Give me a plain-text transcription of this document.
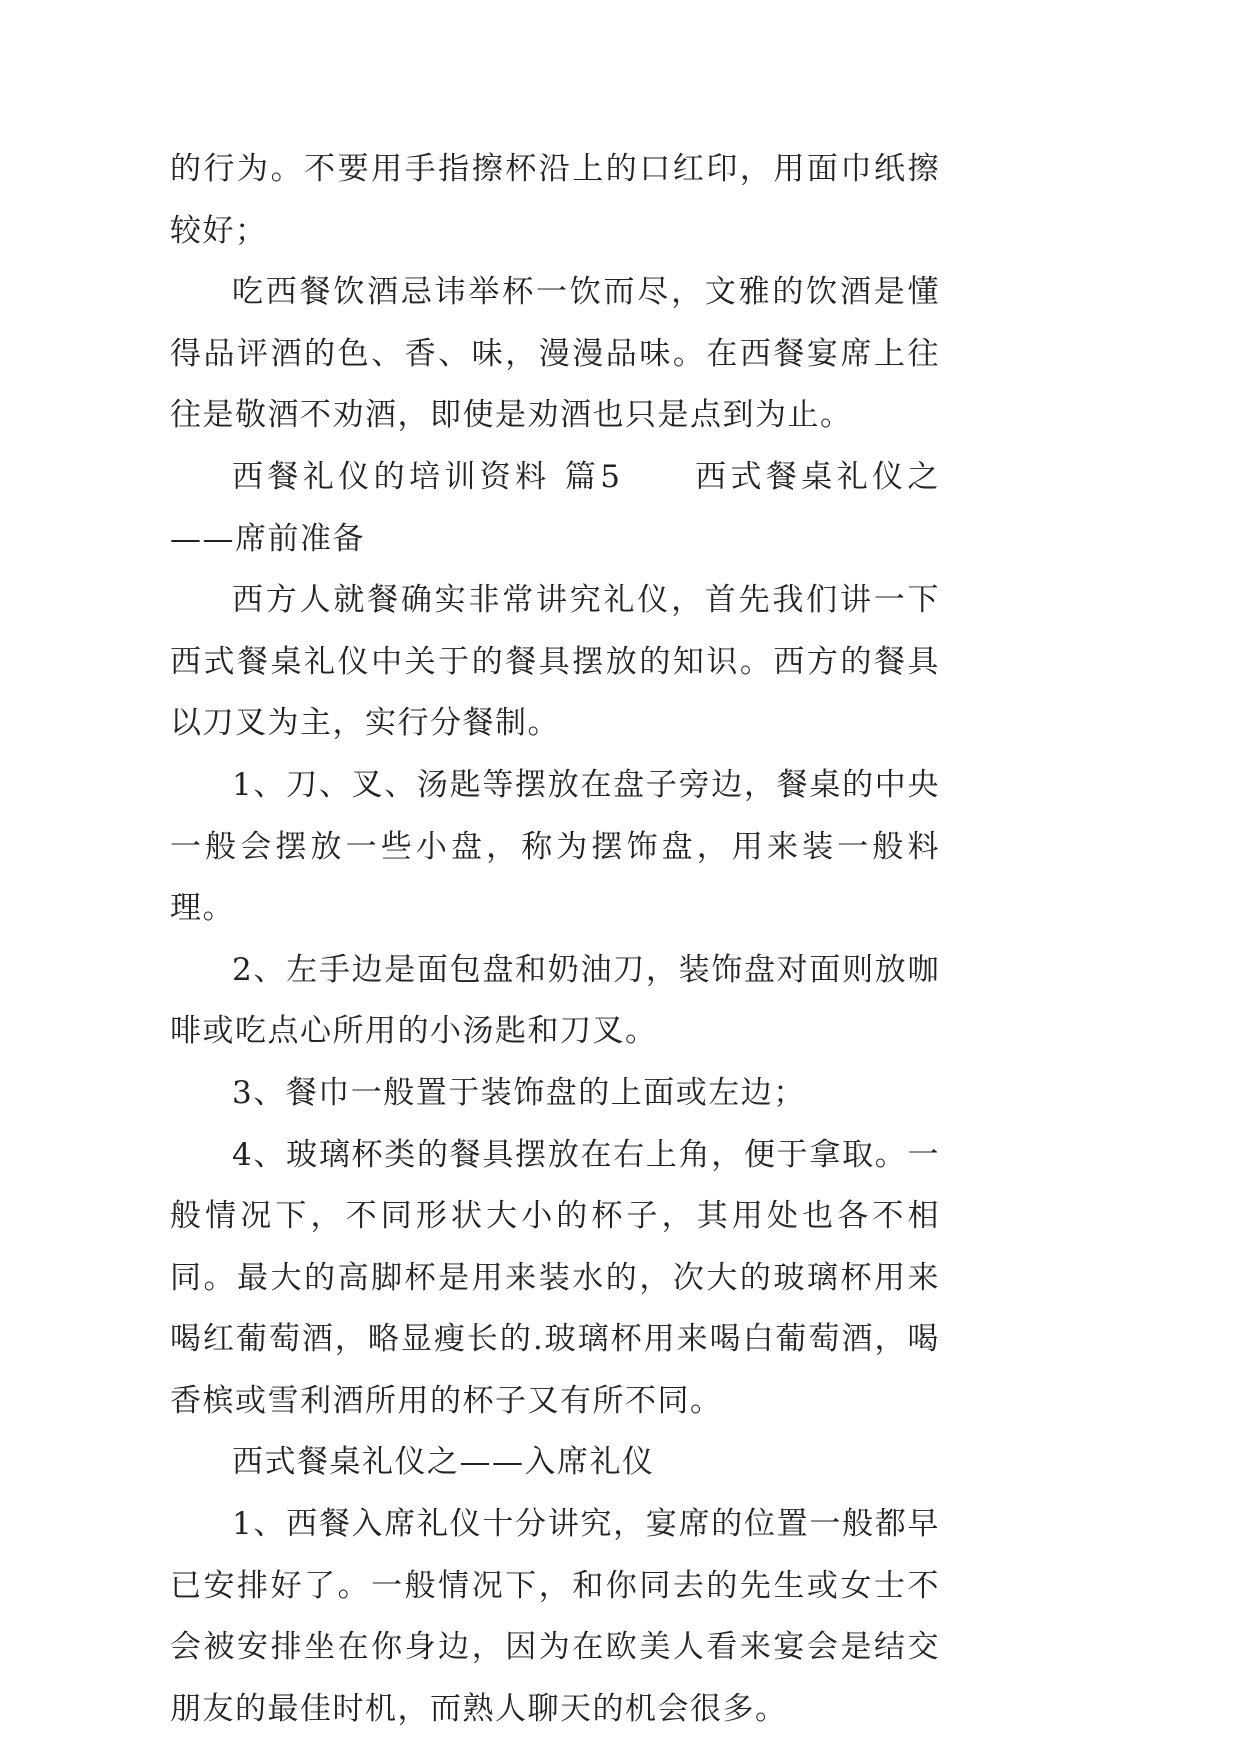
的行为。不要用手指擦杯沿上的口红印，用面巾纸擦较好；

吃西餐饮酒忌讳举杯一饮而尽，文雅的饮酒是懂得品评酒的色、香、味，漫漫品味。在西餐宴席上往往是敬酒不劝酒，即使是劝酒也只是点到为止。

西餐礼仪的培训资料 篇5　　西式餐桌礼仪之——席前准备

西方人就餐确实非常讲究礼仪，首先我们讲一下西式餐桌礼仪中关于的餐具摆放的知识。西方的餐具以刀叉为主，实行分餐制。

1、刀、叉、汤匙等摆放在盘子旁边，餐桌的中央一般会摆放一些小盘，称为摆饰盘，用来装一般料理。

2、左手边是面包盘和奶油刀，装饰盘对面则放咖啡或吃点心所用的小汤匙和刀叉。

3、餐巾一般置于装饰盘的上面或左边；

4、玻璃杯类的餐具摆放在右上角，便于拿取。一般情况下，不同形状大小的杯子，其用处也各不相同。最大的高脚杯是用来装水的，次大的玻璃杯用来喝红葡萄酒，略显瘦长的.玻璃杯用来喝白葡萄酒，喝香槟或雪利酒所用的杯子又有所不同。

西式餐桌礼仪之——入席礼仪

1、西餐入席礼仪十分讲究，宴席的位置一般都早已安排好了。一般情况下，和你同去的先生或女士不会被安排坐在你身边，因为在欧美人看来宴会是结交朋友的最佳时机，而熟人聊天的机会很多。
